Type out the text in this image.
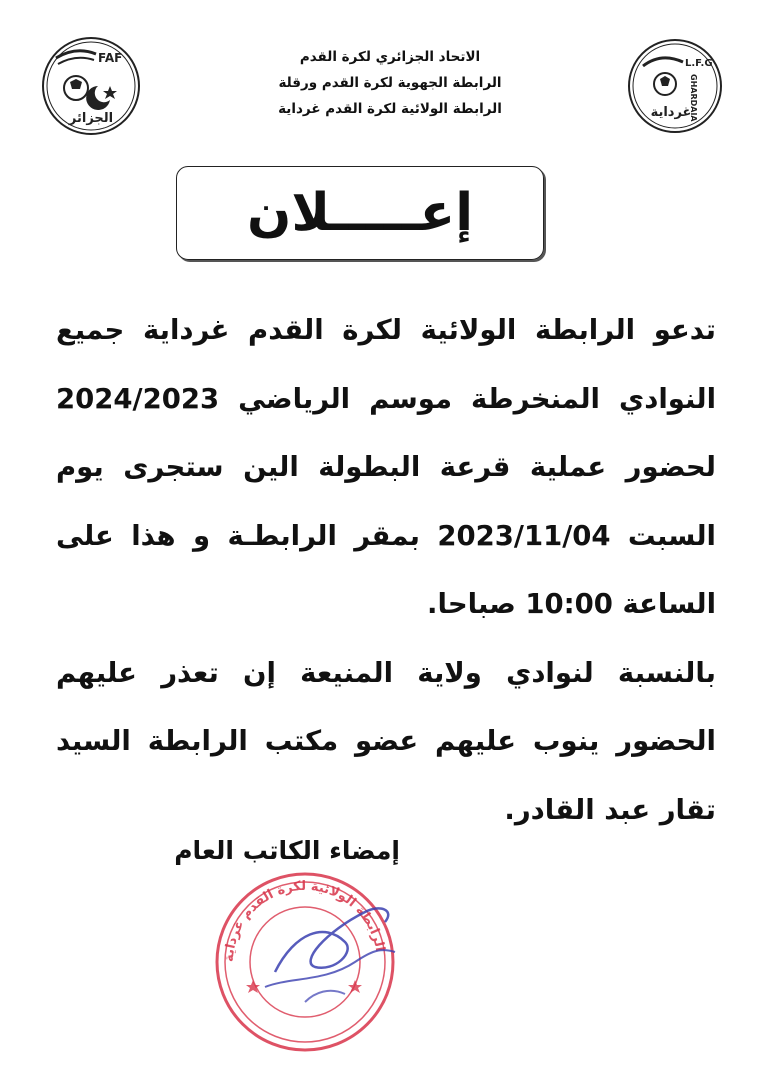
FAF
الجزائر
الاتحاد الجزائري لكرة القدم
الرابطة الجهوية لكرة القدم ورقلة
الرابطة الولائية لكرة القدم غرداية
L.F.G
GHARDAIA
غرداية
إعـــــلان

تدعو الرابطة الولائية لكرة القدم غرداية جميع النوادي المنخرطة موسم الرياضي 2024/2023 لحضور عملية قرعة البطولة الين ستجرى يوم السبت 2023/11/04 بمقر الرابطـة و هذا على الساعة 10:00 صباحا.

بالنسبة لنوادي ولاية المنيعة إن تعذر عليهم الحضور ينوب عليهم عضو مكتب الرابطة السيد تقار عبد القادر.

إمضاء الكاتب العام
الرابطة الولائية لكرة القدم غرداية
